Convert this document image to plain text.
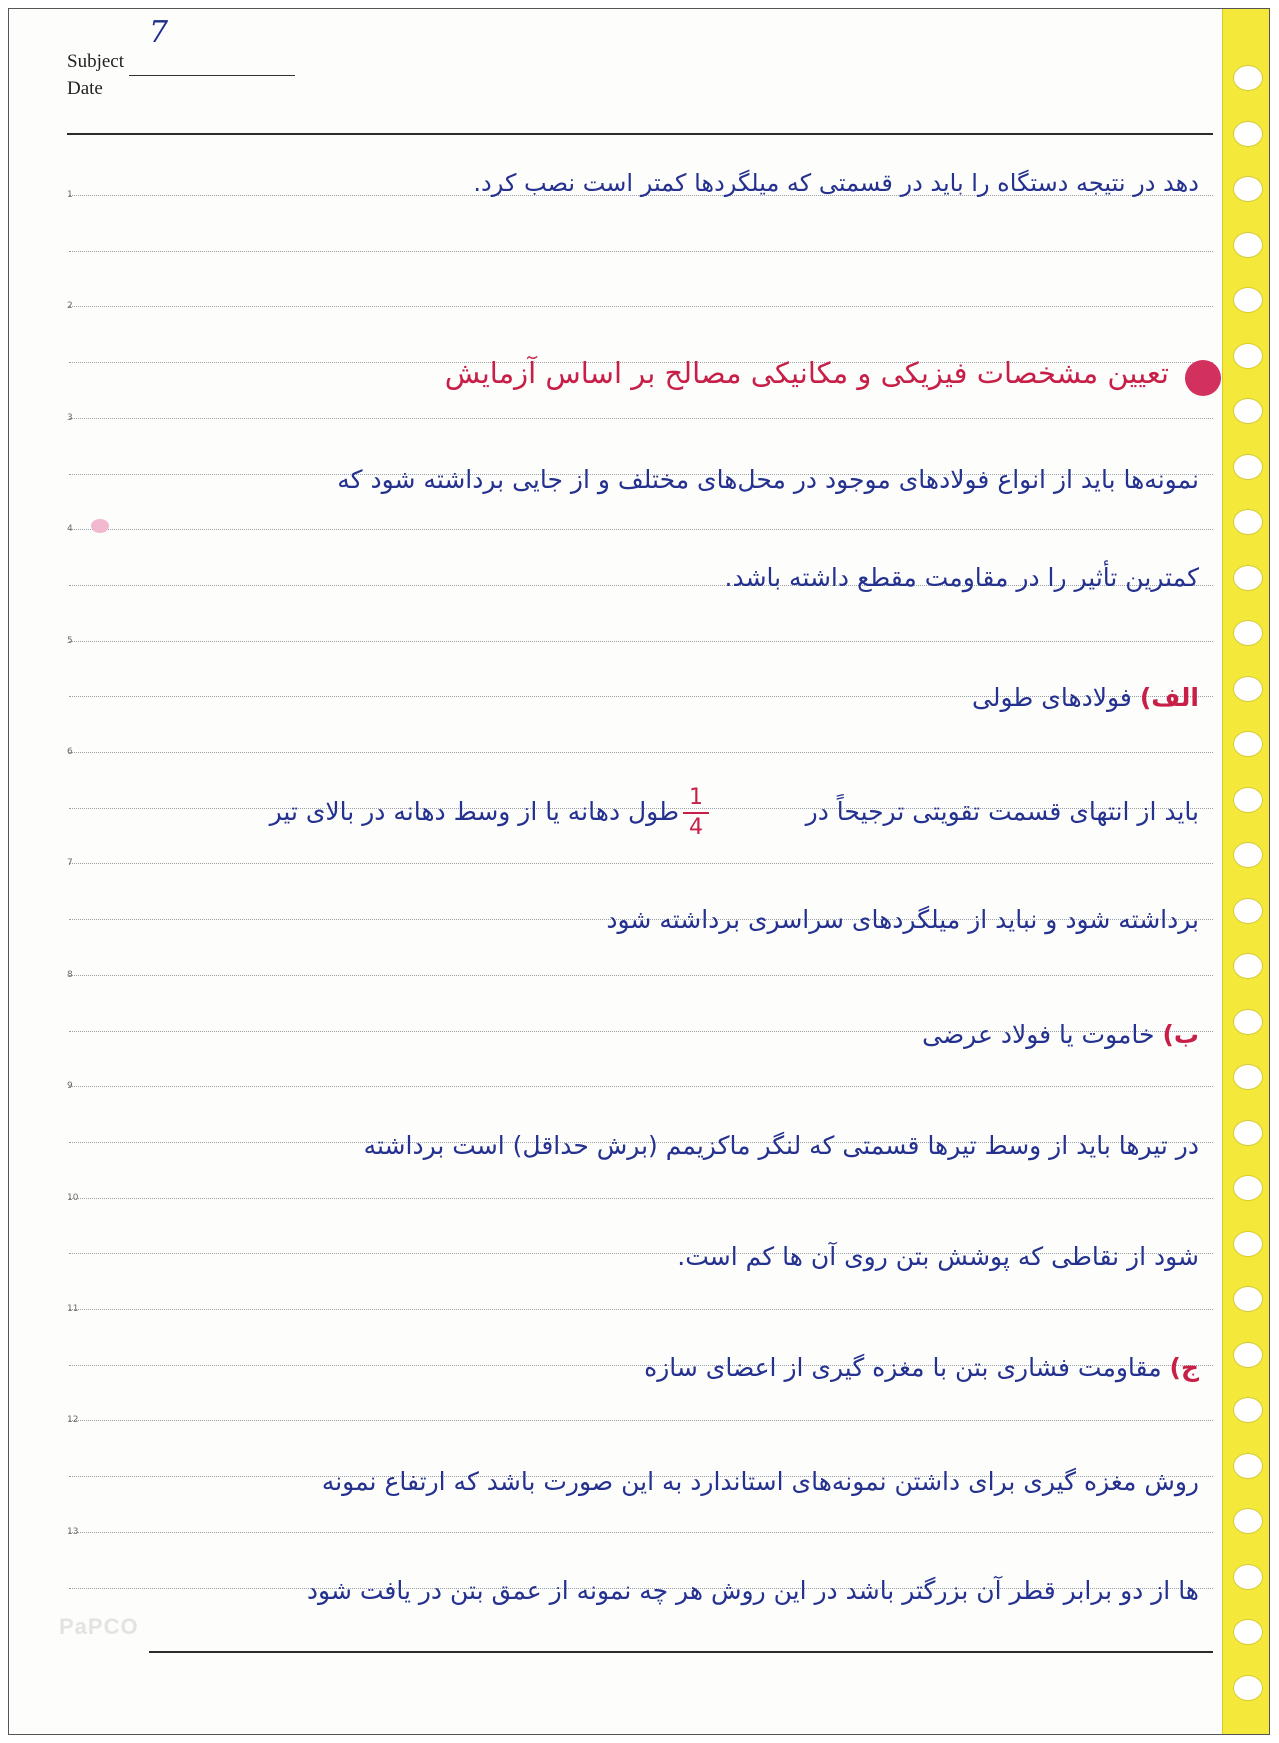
Subject
7
Date
1
2
3
4
5
6
7
8
9
10
11
12
13
دهد در نتیجه دستگاه را باید در قسمتی که میلگردها کمتر است نصب کرد.
تعیین مشخصات فیزیکی و مکانیکی مصالح بر اساس آزمایش
نمونه‌ها باید از انواع فولادهای موجود در محل‌های مختلف و از جایی برداشته شود که
کمترین تأثیر را در مقاومت مقطع داشته باشد.
الف) فولادهای طولی
باید از انتهای قسمت تقویتی ترجیحاً در
1
4
طول دهانه یا از وسط دهانه در بالای تیر
برداشته شود و نباید از میلگردهای سراسری برداشته شود
ب) خاموت یا فولاد عرضی
در تیرها باید از وسط تیرها قسمتی که لنگر ماکزیمم (برش حداقل) است برداشته
شود از نقاطی که پوشش بتن روی آن ها کم است.
ج) مقاومت فشاری بتن با مغزه گیری از اعضای سازه
روش مغزه گیری برای داشتن نمونه‌های استاندارد به این صورت باشد که ارتفاع نمونه
ها از دو برابر قطر آن بزرگتر باشد در این روش هر چه نمونه از عمق بتن در یافت شود
PaPCO
